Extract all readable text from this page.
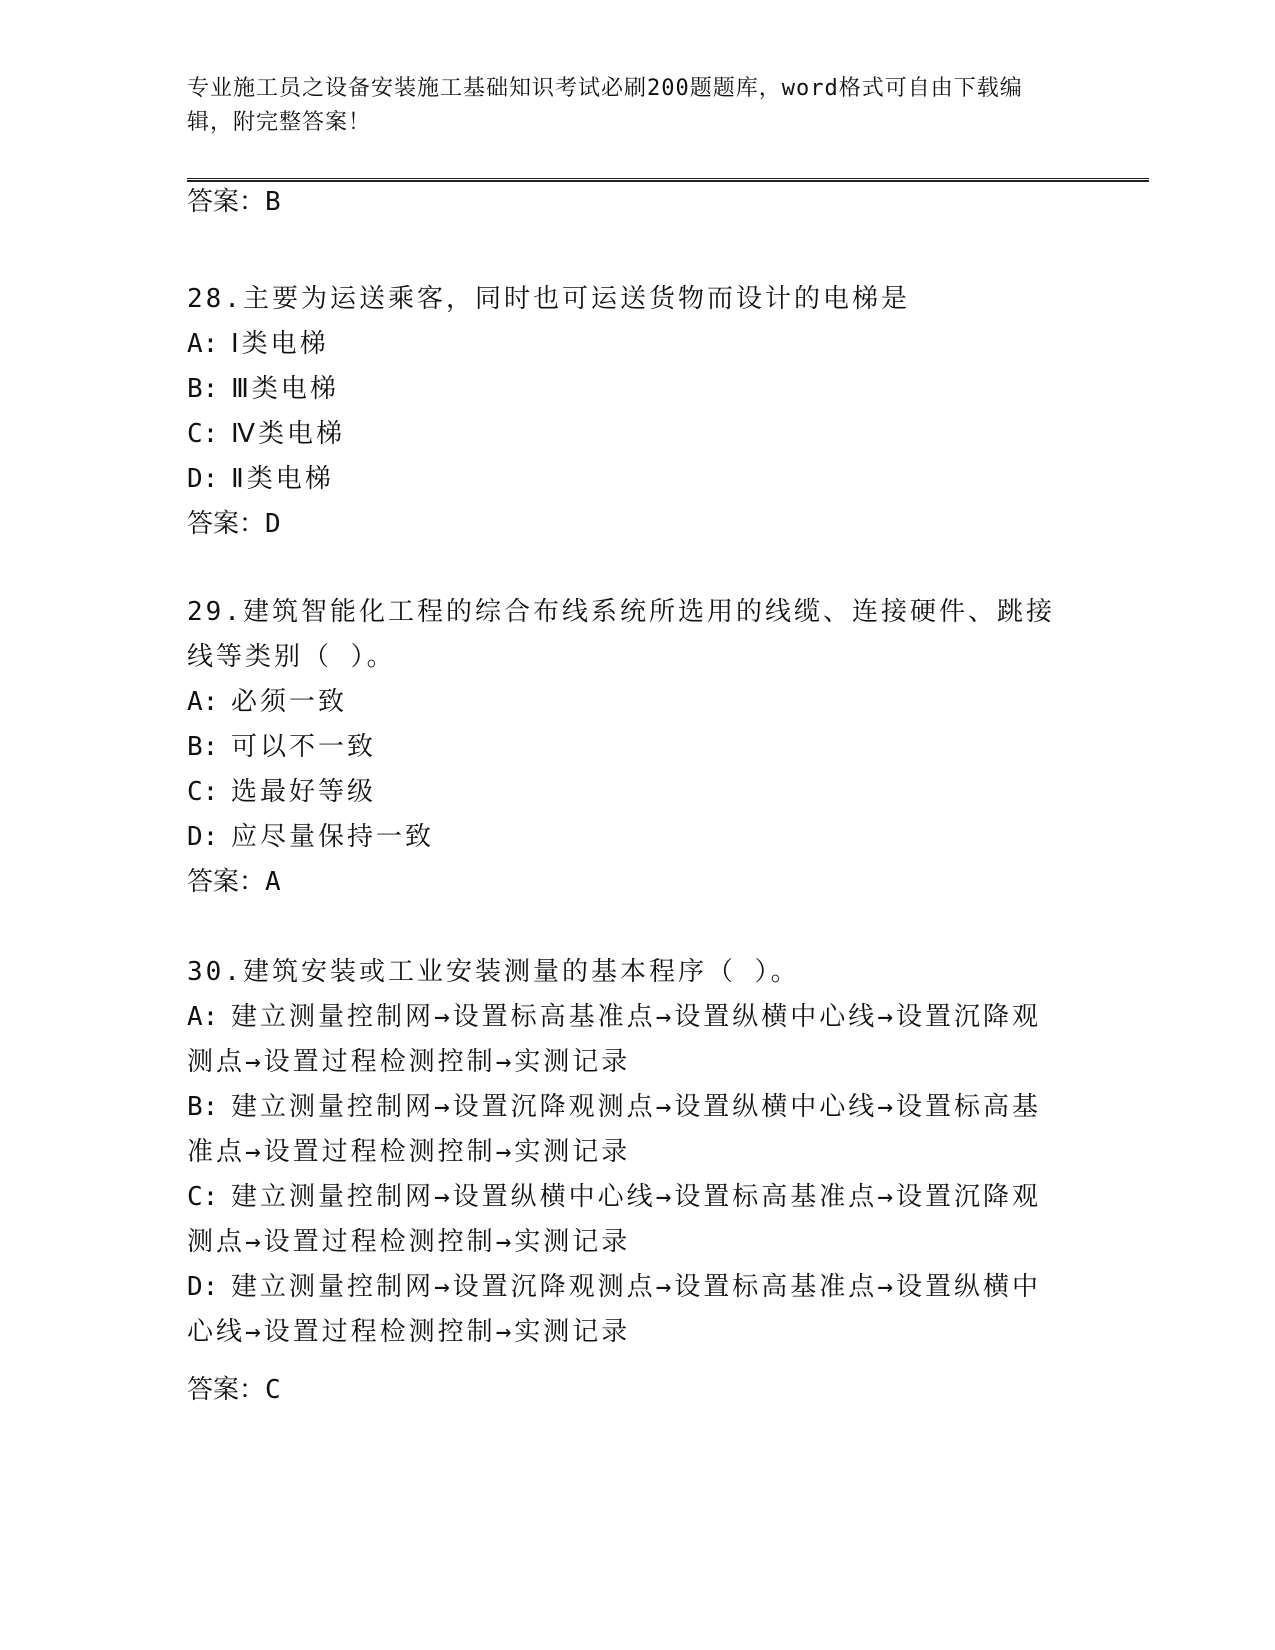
专业施工员之设备安装施工基础知识考试必刷200题题库，word格式可自由下载编辑，附完整答案！
答案：B

28.主要为运送乘客，同时也可运送货物而设计的电梯是

A: Ⅰ类电梯

B: Ⅲ类电梯

C: Ⅳ类电梯

D: Ⅱ类电梯

答案：D

29.建筑智能化工程的综合布线系统所选用的线缆、连接硬件、跳接线等类别（ ）。

A: 必须一致

B: 可以不一致

C: 选最好等级

D: 应尽量保持一致

答案：A

30.建筑安装或工业安装测量的基本程序（ ）。

A: 建立测量控制网→设置标高基准点→设置纵横中心线→设置沉降观测点→设置过程检测控制→实测记录

B: 建立测量控制网→设置沉降观测点→设置纵横中心线→设置标高基准点→设置过程检测控制→实测记录

C: 建立测量控制网→设置纵横中心线→设置标高基准点→设置沉降观测点→设置过程检测控制→实测记录

D: 建立测量控制网→设置沉降观测点→设置标高基准点→设置纵横中心线→设置过程检测控制→实测记录

答案：C
